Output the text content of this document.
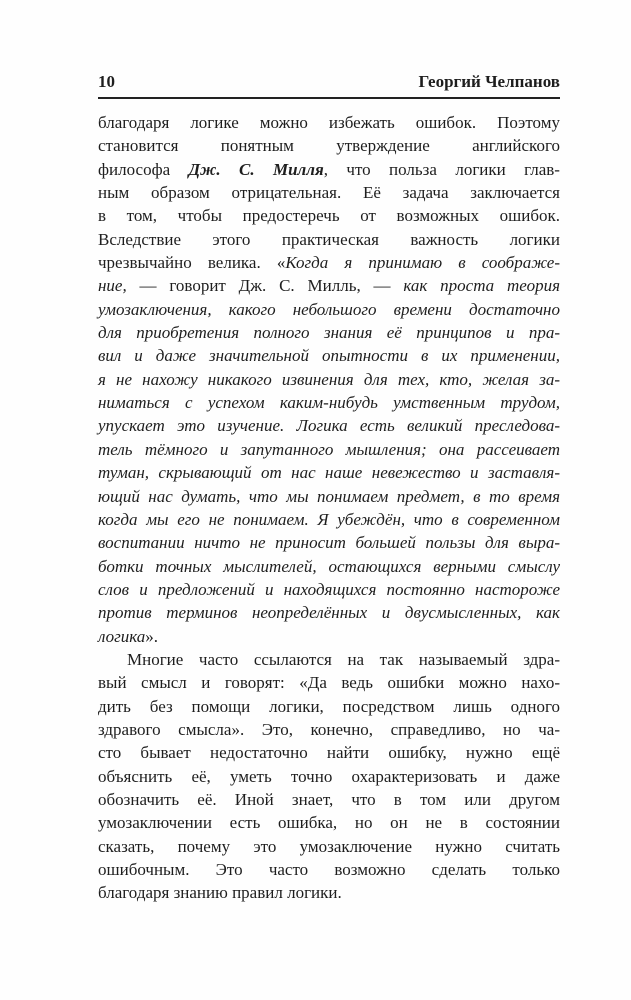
10	Георгий Челпанов
благодаря логике можно избежать ошибок. Поэтому
становится понятным утверждение английского
философа Дж. С. Милля, что польза логики глав-
ным образом отрицательная. Её задача заключается
в том, чтобы предостеречь от возможных ошибок.
Вследствие этого практическая важность логики
чрезвычайно велика. «Когда я принимаю в соображе-
ние, — говорит Дж. С. Милль, — как проста теория
умозаключения, какого небольшого времени достаточно
для приобретения полного знания её принципов и пра-
вил и даже значительной опытности в их применении,
я не нахожу никакого извинения для тех, кто, желая за-
ниматься с успехом каким-нибудь умственным трудом,
упускает это изучение. Логика есть великий преследова-
тель тёмного и запутанного мышления; она рассеивает
туман, скрывающий от нас наше невежество и заставля-
ющий нас думать, что мы понимаем предмет, в то время
когда мы его не понимаем. Я убеждён, что в современном
воспитании ничто не приносит большей пользы для выра-
ботки точных мыслителей, остающихся верными смыслу
слов и предложений и находящихся постоянно настороже
против терминов неопределённых и двусмысленных, как
логика».
Многие часто ссылаются на так называемый здра-
вый смысл и говорят: «Да ведь ошибки можно нахо-
дить без помощи логики, посредством лишь одного
здравого смысла». Это, конечно, справедливо, но ча-
сто бывает недостаточно найти ошибку, нужно ещё
объяснить её, уметь точно охарактеризовать и даже
обозначить её. Иной знает, что в том или другом
умозаключении есть ошибка, но он не в состоянии
сказать, почему это умозаключение нужно считать
ошибочным. Это часто возможно сделать только
благодаря знанию правил логики.
